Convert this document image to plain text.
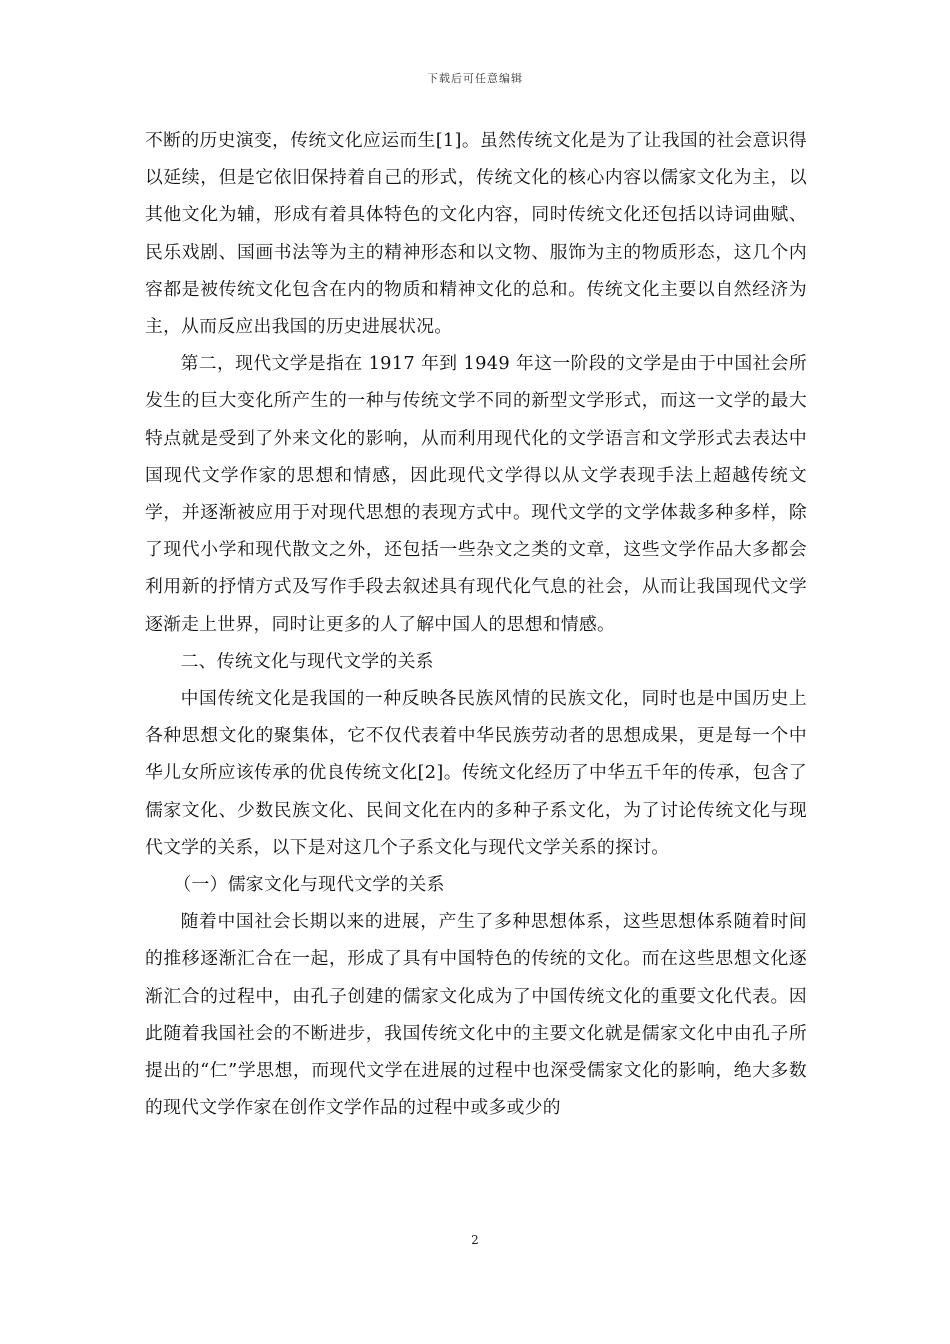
下载后可任意编辑

不断的历史演变，传统文化应运而生[1]。虽然传统文化是为了让我国的社会意识得以延续，但是它依旧保持着自己的形式，传统文化的核心内容以儒家文化为主，以其他文化为辅，形成有着具体特色的文化内容，同时传统文化还包括以诗词曲赋、民乐戏剧、国画书法等为主的精神形态和以文物、服饰为主的物质形态，这几个内容都是被传统文化包含在内的物质和精神文化的总和。传统文化主要以自然经济为 主，从而反应出我国的历史进展状况。

第二，现代文学是指在 1917 年到 1949 年这一阶段的文学是由于中国社会所发生的巨大变化所产生的一种与传统文学不同的新型文学形式，而这一文学的最大特点就是受到了外来文化的影响，从而利用现代化的文学语言和文学形式去表达中国现代文学作家的思想和情感，因此现代文学得以从文学表现手法上超越传统文学，并逐渐被应用于对现代思想的表现方式中。现代文学的文学体裁多种多样，除了现代小学和现代散文之外，还包括一些杂文之类的文章，这些文学作品大多都会利用新的抒情方式及写作手段去叙述具有现代化气息的社会，从而让我国现代文学逐渐走上世界，同时让更多的人了解中国人的思想和情感。

二、传统文化与现代文学的关系

中国传统文化是我国的一种反映各民族风情的民族文化，同时也是中国历史上各种思想文化的聚集体，它不仅代表着中华民族劳动者的思想成果，更是每一个中华儿女所应该传承的优良传统文化[2]。传统文化经历了中华五千年的传承，包含了儒家文化、少数民族文化、民间文化在内的多种子系文化，为了讨论传统文化与现代文学的关系，以下是对这几个子系文化与现代文学关系的探讨。

（一）儒家文化与现代文学的关系

随着中国社会长期以来的进展，产生了多种思想体系，这些思想体系随着时间的推移逐渐汇合在一起，形成了具有中国特色的传统的文化。而在这些思想文化逐渐汇合的过程中，由孔子创建的儒家文化成为了中国传统文化的重要文化代表。因此随着我国社会的不断进步，我国传统文化中的主要文化就是儒家文化中由孔子所提出的“仁”学思想，而现代文学在进展的过程中也深受儒家文化的影响，绝大多数的现代文学作家在创作文学作品的过程中或多或少的

2
